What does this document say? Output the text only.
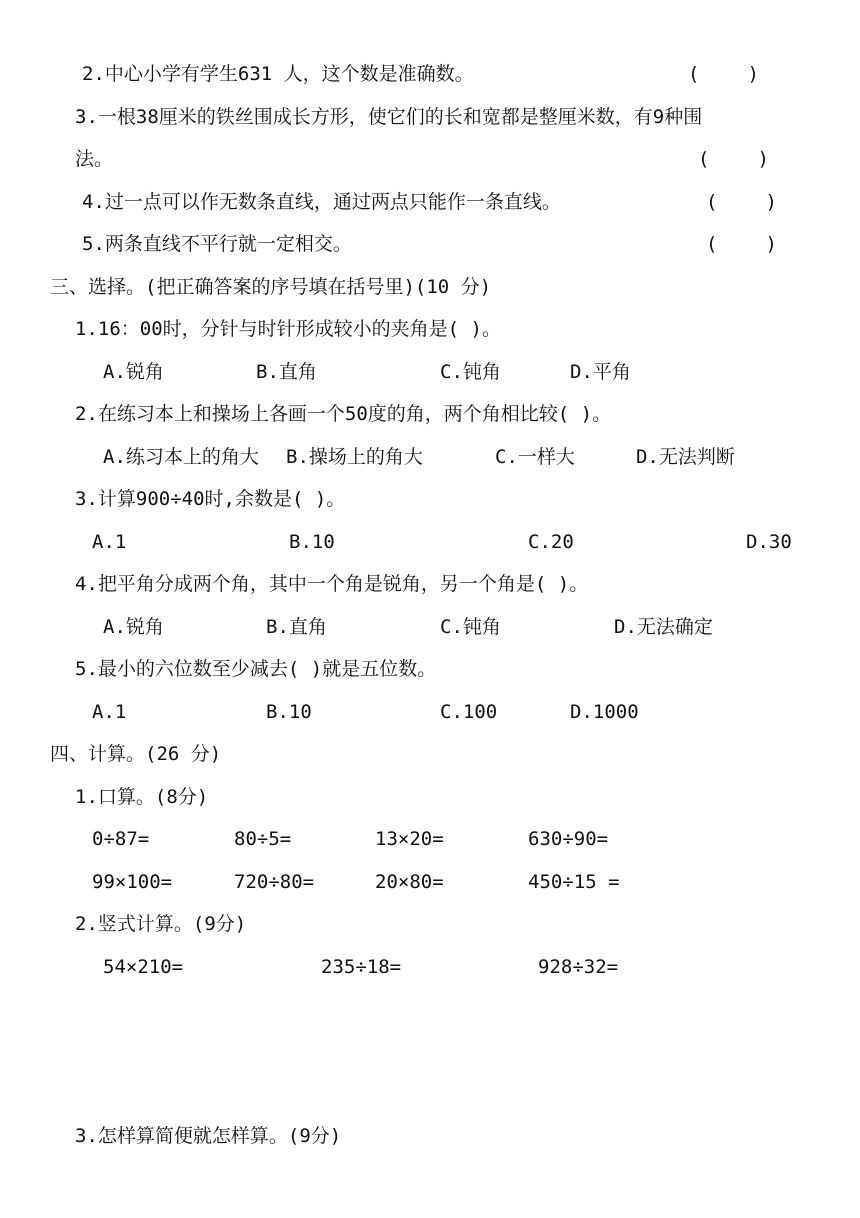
2.中心小学有学生631 人，这个数是准确数。	(	)
3.一根38厘米的铁丝围成长方形，使它们的长和宽都是整厘米数，有9种围
法。	(	)
4.过一点可以作无数条直线，通过两点只能作一条直线。	(	)
5.两条直线不平行就一定相交。	(	)
三、选择。(把正确答案的序号填在括号里)(10 分)
1.16：00时，分针与时针形成较小的夹角是( )。
A.锐角	B.直角	C.钝角	D.平角
2.在练习本上和操场上各画一个50度的角，两个角相比较( )。
A.练习本上的角大 B.操场上的角大	C.一样大	D.无法判断
3.计算900÷40时,余数是( )。
A.1	B.10	C.20	D.30
4.把平角分成两个角，其中一个角是锐角，另一个角是( )。
A.锐角	B.直角	C.钝角	D.无法确定
5.最小的六位数至少减去( )就是五位数。
A.1	B.10	C.100	D.1000
四、计算。(26 分)
1.口算。(8分)
0÷87=	80÷5=	13×20=	630÷90=
99×100=	720÷80=	20×80=	450÷15 =
2.竖式计算。(9分)
54×210=	235÷18=	928÷32=
3.怎样算简便就怎样算。(9分)
